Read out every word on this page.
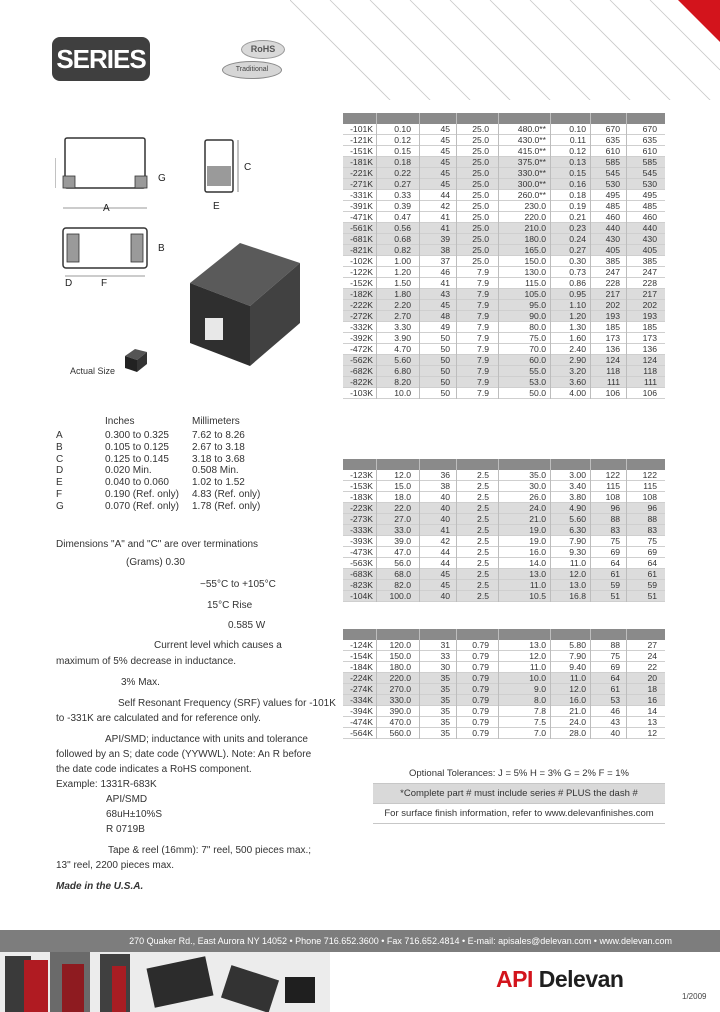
SERIES	RoHS
Traditional
G
A
C
E
B
D	F
Actual Size
Inches	Millimeters
A	0.300 to 0.325 7.62 to 8.26
B	0.105 to 0.125 2.67 to 3.18
C	0.125 to 0.145 3.18 to 3.68
D	0.020 Min.	0.508 Min.
E	0.040 to 0.060 1.02 to 1.52
F	0.190 (Ref. only) 4.83 (Ref. only)
G	0.070 (Ref. only) 1.78 (Ref. only)
Dimensions "A" and "C" are over terminations
(Grams) 0.30
−55°C to +105°C
15°C Rise
0.585 W
Current level which causes a
maximum of 5% decrease in inductance.
3% Max.
Self Resonant Frequency (SRF) values for -101K
to -331K are calculated and for reference only.
API/SMD; inductance with units and tolerance
followed by an S; date code (YYWWL). Note: An R before
the date code indicates a RoHS component.
Example: 1331R-683K
API/SMD
68uH±10%S
R 0719B
Tape & reel (16mm): 7" reel, 500 pieces max.;
13" reel, 2200 pieces max.
Made in the U.S.A.
-101K	0.10	45	25.0	480.0**	0.10	670	670
-121K	0.12	45	25.0	430.0**	0.11	635	635
-151K	0.15	45	25.0	415.0**	0.12	610	610
-181K	0.18	45	25.0	375.0**	0.13	585	585
-221K	0.22	45	25.0	330.0**	0.15	545	545
-271K	0.27	45	25.0	300.0**	0.16	530	530
-331K	0.33	44	25.0	260.0**	0.18	495	495
-391K	0.39	42	25.0	230.0	0.19	485	485
-471K	0.47	41	25.0	220.0	0.21	460	460
-561K	0.56	41	25.0	210.0	0.23	440	440
-681K	0.68	39	25.0	180.0	0.24	430	430
-821K	0.82	38	25.0	165.0	0.27	405	405
-102K	1.00	37	25.0	150.0	0.30	385	385
-122K	1.20	46	7.9	130.0	0.73	247	247
-152K	1.50	41	7.9	115.0	0.86	228	228
-182K	1.80	43	7.9	105.0	0.95	217	217
-222K	2.20	45	7.9	95.0	1.10	202	202
-272K	2.70	48	7.9	90.0	1.20	193	193
-332K	3.30	49	7.9	80.0	1.30	185	185
-392K	3.90	50	7.9	75.0	1.60	173	173
-472K	4.70	50	7.9	70.0	2.40	136	136
-562K	5.60	50	7.9	60.0	2.90	124	124
-682K	6.80	50	7.9	55.0	3.20	118	118
-822K	8.20	50	7.9	53.0	3.60	111	111
-103K	10.0	50	7.9	50.0	4.00	106	106
-123K	12.0	36	2.5	35.0	3.00	122	122
-153K	15.0	38	2.5	30.0	3.40	115	115
-183K	18.0	40	2.5	26.0	3.80	108	108
-223K	22.0	40	2.5	24.0	4.90	96	96
-273K	27.0	40	2.5	21.0	5.60	88	88
-333K	33.0	41	2.5	19.0	6.30	83	83
-393K	39.0	42	2.5	19.0	7.90	75	75
-473K	47.0	44	2.5	16.0	9.30	69	69
-563K	56.0	44	2.5	14.0	11.0	64	64
-683K	68.0	45	2.5	13.0	12.0	61	61
-823K	82.0	45	2.5	11.0	13.0	59	59
-104K	100.0	40	2.5	10.5	16.8	51	51
-124K	120.0	31	0.79	13.0	5.80	88	27
-154K	150.0	33	0.79	12.0	7.90	75	24
-184K	180.0	30	0.79	11.0	9.40	69	22
-224K	220.0	35	0.79	10.0	11.0	64	20
-274K	270.0	35	0.79	9.0	12.0	61	18
-334K	330.0	35	0.79	8.0	16.0	53	16
-394K	390.0	35	0.79	7.8	21.0	46	14
-474K	470.0	35	0.79	7.5	24.0	43	13
-564K	560.0	35	0.79	7.0	28.0	40	12
Optional Tolerances: J = 5% H = 3% G = 2% F = 1%
*Complete part # must include series # PLUS the dash #
For surface finish information, refer to www.delevanfinishes.com
270 Quaker Rd., East Aurora NY 14052 • Phone 716.652.3600 • Fax 716.652.4814 • E-mail: apisales@delevan.com • www.delevan.com
API Delevan
1/2009
